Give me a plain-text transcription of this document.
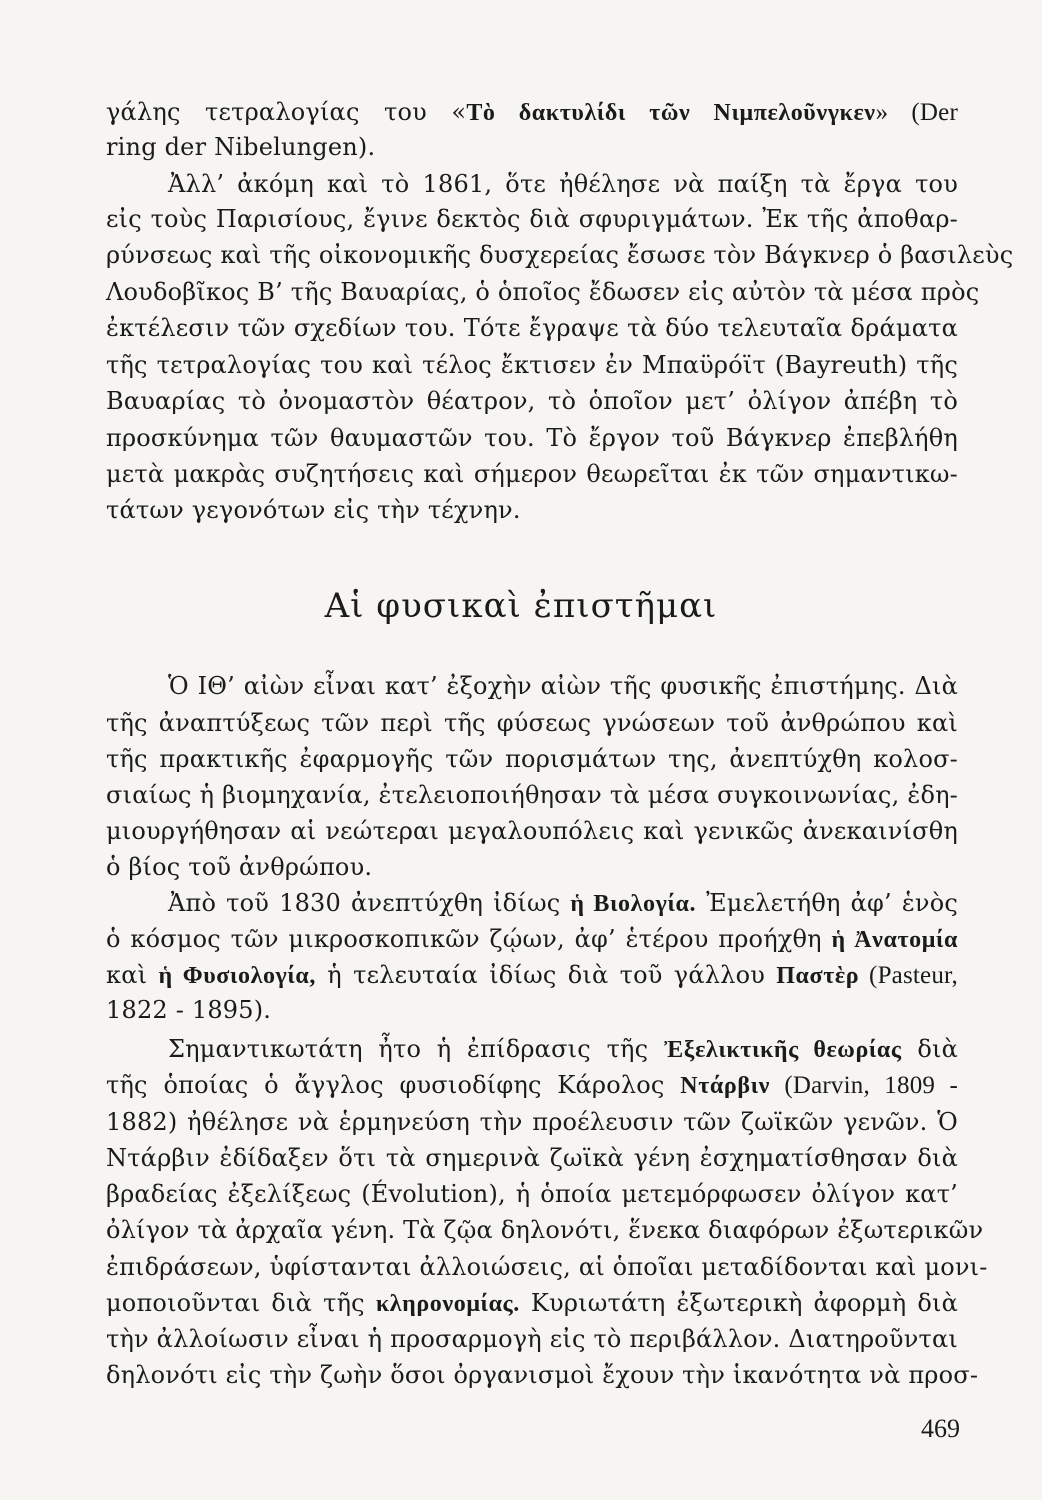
γάλης τετραλογίας του «Τὸ δακτυλίδι τῶν Νιμπελοῦνγκεν» (Der
ring der Nibelungen).
Ἀλλ’ ἀκόμη καὶ τὸ 1861, ὅτε ἠθέλησε νὰ παίξη τὰ ἔργα του
εἰς τοὺς Παρισίους, ἔγινε δεκτὸς διὰ σφυριγμάτων. Ἐκ τῆς ἀποθαρ-
ρύνσεως καὶ τῆς οἰκονομικῆς δυσχερείας ἔσωσε τὸν Βάγκνερ ὁ βασιλεὺς
Λουδοβῖκος Β’ τῆς Βαυαρίας, ὁ ὁποῖος ἔδωσεν εἰς αὐτὸν τὰ μέσα πρὸς
ἐκτέλεσιν τῶν σχεδίων του. Τότε ἔγραψε τὰ δύο τελευταῖα δράματα
τῆς τετραλογίας του καὶ τέλος ἔκτισεν ἐν Μπαϋρόϊτ (Bayreuth) τῆς
Βαυαρίας τὸ ὀνομαστὸν θέατρον, τὸ ὁποῖον μετ’ ὀλίγον ἀπέβη τὸ
προσκύνημα τῶν θαυμαστῶν του. Τὸ ἔργον τοῦ Βάγκνερ ἐπεβλήθη
μετὰ μακρὰς συζητήσεις καὶ σήμερον θεωρεῖται ἐκ τῶν σημαντικω-
τάτων γεγονότων εἰς τὴν τέχνην.
Αἱ φυσικαὶ ἐπιστῆμαι
Ὁ ΙΘ’ αἰὼν εἶναι κατ’ ἐξοχὴν αἰὼν τῆς φυσικῆς ἐπιστήμης. Διὰ
τῆς ἀναπτύξεως τῶν περὶ τῆς φύσεως γνώσεων τοῦ ἀνθρώπου καὶ
τῆς πρακτικῆς ἐφαρμογῆς τῶν πορισμάτων της, ἀνεπτύχθη κολοσ-
σιαίως ἡ βιομηχανία, ἐτελειοποιήθησαν τὰ μέσα συγκοινωνίας, ἐδη-
μιουργήθησαν αἱ νεώτεραι μεγαλουπόλεις καὶ γενικῶς ἀνεκαινίσθη
ὁ βίος τοῦ ἀνθρώπου.
Ἀπὸ τοῦ 1830 ἀνεπτύχθη ἰδίως ἡ Βιολογία. Ἐμελετήθη ἀφ’ ἑνὸς
ὁ κόσμος τῶν μικροσκοπικῶν ζῴων, ἀφ’ ἑτέρου προήχθη ἡ Ἀνατομία
καὶ ἡ Φυσιολογία, ἡ τελευταία ἰδίως διὰ τοῦ γάλλου Παστὲρ (Pasteur,
1822 - 1895).
Σημαντικωτάτη ἦτο ἡ ἐπίδρασις τῆς Ἐξελικτικῆς θεωρίας διὰ
τῆς ὁποίας ὁ ἄγγλος φυσιοδίφης Κάρολος Ντάρβιν (Darvin, 1809 -
1882) ἠθέλησε νὰ ἑρμηνεύση τὴν προέλευσιν τῶν ζωϊκῶν γενῶν. Ὁ
Ντάρβιν ἐδίδαξεν ὅτι τὰ σημερινὰ ζωϊκὰ γένη ἐσχηματίσθησαν διὰ
βραδείας ἐξελίξεως (Évolution), ἡ ὁποία μετεμόρφωσεν ὀλίγον κατ’
ὀλίγον τὰ ἀρχαῖα γένη. Τὰ ζῷα δηλονότι, ἕνεκα διαφόρων ἐξωτερικῶν
ἐπιδράσεων, ὑφίστανται ἀλλοιώσεις, αἱ ὁποῖαι μεταδίδονται καὶ μονι-
μοποιοῦνται διὰ τῆς κληρονομίας. Κυριωτάτη ἐξωτερικὴ ἀφορμὴ διὰ
τὴν ἀλλοίωσιν εἶναι ἡ προσαρμογὴ εἰς τὸ περιβάλλον. Διατηροῦνται
δηλονότι εἰς τὴν ζωὴν ὅσοι ὀργανισμοὶ ἔχουν τὴν ἱκανότητα νὰ προσ-
469
